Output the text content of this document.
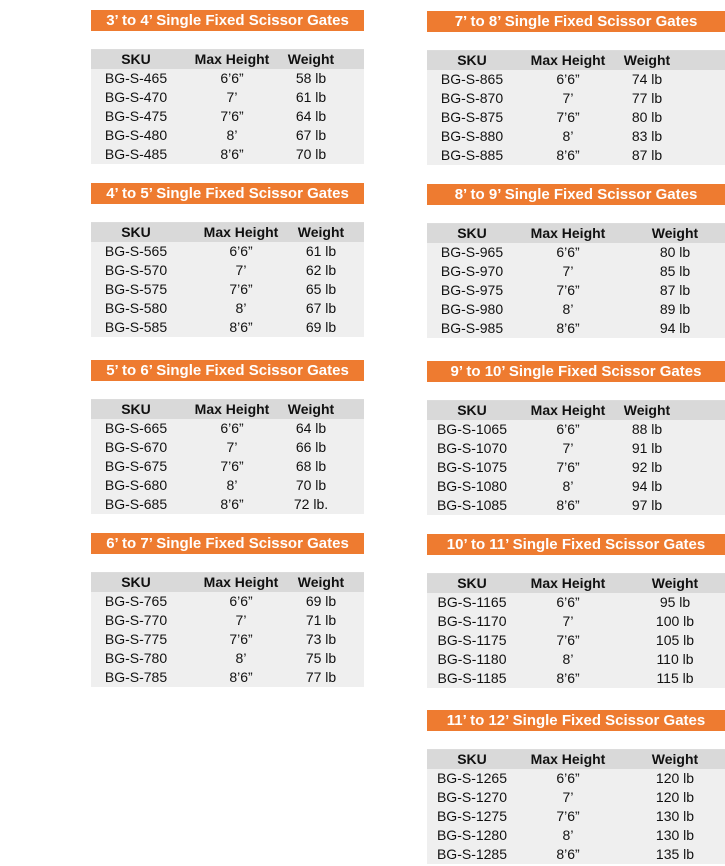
3’ to 4’ Single Fixed Scissor Gates
SKU	Max Height	Weight
BG-S-465	6’6”	58 lb
BG-S-470	7’	61 lb
BG-S-475	7’6”	64 lb
BG-S-480	8’	67 lb
BG-S-485	8’6”	70 lb
4’ to 5’ Single Fixed Scissor Gates
SKU	Max Height	Weight
BG-S-565	6’6”	61 lb
BG-S-570	7’	62 lb
BG-S-575	7’6”	65 lb
BG-S-580	8’	67 lb
BG-S-585	8’6”	69 lb
5’ to 6’ Single Fixed Scissor Gates
SKU	Max Height	Weight
BG-S-665	6’6”	64 lb
BG-S-670	7’	66 lb
BG-S-675	7’6”	68 lb
BG-S-680	8’	70 lb
BG-S-685	8’6”	72 lb.
6’ to 7’ Single Fixed Scissor Gates
SKU	Max Height	Weight
BG-S-765	6’6”	69 lb
BG-S-770	7’	71 lb
BG-S-775	7’6”	73 lb
BG-S-780	8’	75 lb
BG-S-785	8’6”	77 lb
7’ to 8’ Single Fixed Scissor Gates
SKU	Max Height	Weight
BG-S-865	6’6”	74 lb
BG-S-870	7’	77 lb
BG-S-875	7’6”	80 lb
BG-S-880	8’	83 lb
BG-S-885	8’6”	87 lb
8’ to 9’ Single Fixed Scissor Gates
SKU	Max Height	Weight
BG-S-965	6’6”	80 lb
BG-S-970	7’	85 lb
BG-S-975	7’6”	87 lb
BG-S-980	8’	89 lb
BG-S-985	8’6”	94 lb
9’ to 10’ Single Fixed Scissor Gates
SKU	Max Height	Weight
BG-S-1065	6’6”	88 lb
BG-S-1070	7’	91 lb
BG-S-1075	7’6”	92 lb
BG-S-1080	8’	94 lb
BG-S-1085	8’6”	97 lb
10’ to 11’ Single Fixed Scissor Gates
SKU	Max Height	Weight
BG-S-1165	6’6”	95 lb
BG-S-1170	7’	100 lb
BG-S-1175	7’6”	105 lb
BG-S-1180	8’	110 lb
BG-S-1185	8’6”	115 lb
11’ to 12’ Single Fixed Scissor Gates
SKU	Max Height	Weight
BG-S-1265	6’6”	120 lb
BG-S-1270	7’	120 lb
BG-S-1275	7’6”	130 lb
BG-S-1280	8’	130 lb
BG-S-1285	8’6”	135 lb
